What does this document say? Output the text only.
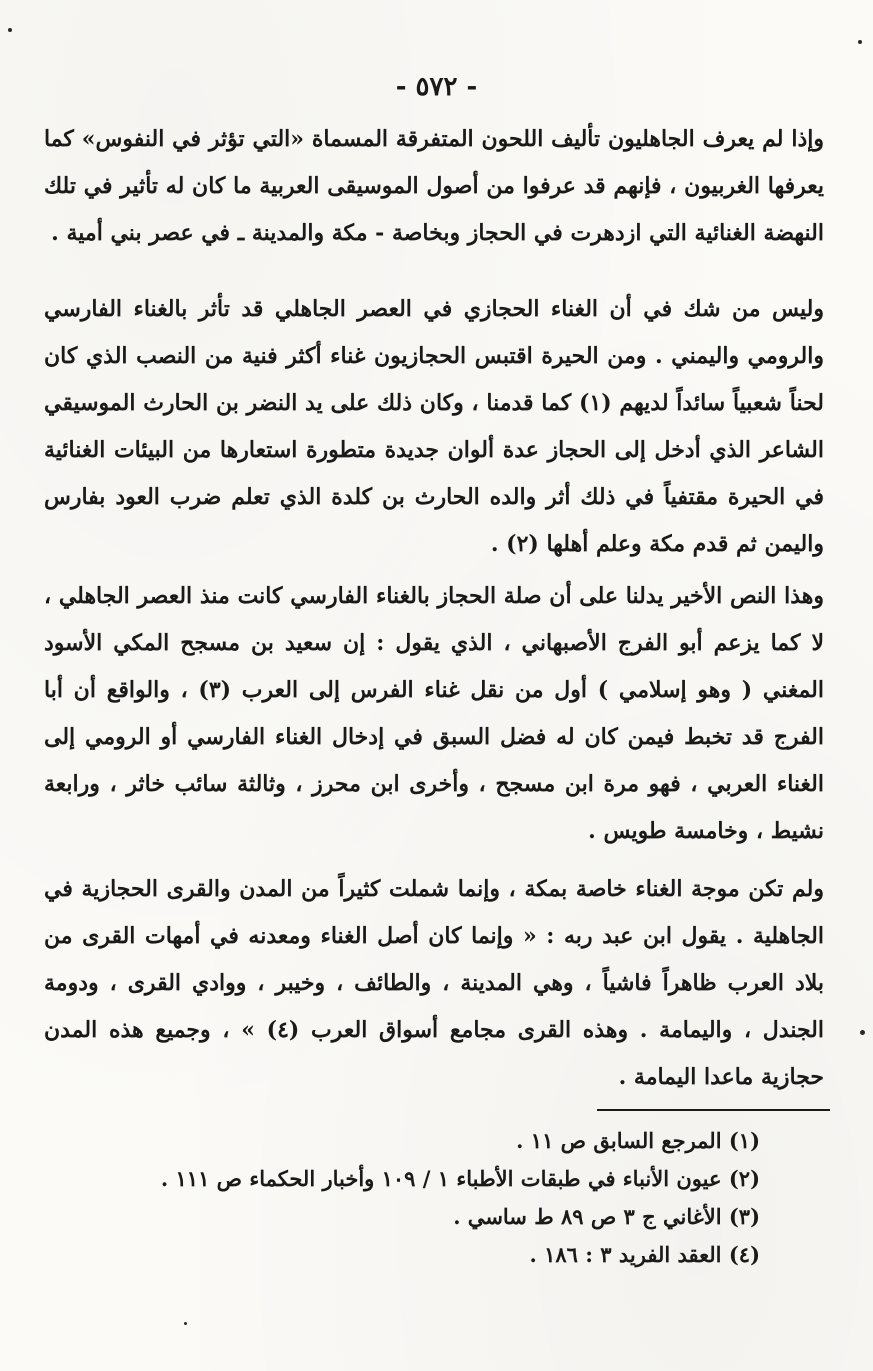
- ٥٧٢ -

وإذا لم يعرف الجاهليون تأليف اللحون المتفرقة المسماة «التي تؤثر في النفوس» كما يعرفها الغربيون ، فإنهم قد عرفوا من أصول الموسيقى العربية ما كان له تأثير في تلك النهضة الغنائية التي ازدهرت في الحجاز وبخاصة - مكة والمدينة ـ في عصر بني أمية .

وليس من شك في أن الغناء الحجازي في العصر الجاهلي قد تأثر بالغناء الفارسي والرومي واليمني . ومن الحيرة اقتبس الحجازيون غناء أكثر فنية من النصب الذي كان لحناً شعبياً سائداً لديهم (١) كما قدمنا ، وكان ذلك على يد النضر بن الحارث الموسيقي الشاعر الذي أدخل إلى الحجاز عدة ألوان جديدة متطورة استعارها من البيئات الغنائية في الحيرة مقتفياً في ذلك أثر والده الحارث بن كلدة الذي تعلم ضرب العود بفارس واليمن ثم قدم مكة وعلم أهلها (٢) .

وهذا النص الأخير يدلنا على أن صلة الحجاز بالغناء الفارسي كانت منذ العصر الجاهلي ، لا كما يزعم أبو الفرج الأصبهاني ، الذي يقول : إن سعيد بن مسجح المكي الأسود المغني ( وهو إسلامي ) أول من نقل غناء الفرس إلى العرب (٣) ، والواقع أن أبا الفرج قد تخبط فيمن كان له فضل السبق في إدخال الغناء الفارسي أو الرومي إلى الغناء العربي ، فهو مرة ابن مسجح ، وأخرى ابن محرز ، وثالثة سائب خاثر ، ورابعة نشيط ، وخامسة طويس .

ولم تكن موجة الغناء خاصة بمكة ، وإنما شملت كثيراً من المدن والقرى الحجازية في الجاهلية . يقول ابن عبد ربه : « وإنما كان أصل الغناء ومعدنه في أمهات القرى من بلاد العرب ظاهراً فاشياً ، وهي المدينة ، والطائف ، وخيبر ، ووادي القرى ، ودومة الجندل ، واليمامة . وهذه القرى مجامع أسواق العرب (٤) » ، وجميع هذه المدن حجازية ماعدا اليمامة .

(١) المرجع السابق ص ١١ .
(٢) عيون الأنباء في طبقات الأطباء ١ / ١٠٩ وأخبار الحكماء ص ١١١ .
(٣) الأغاني ج ٣ ص ٨٩ ط ساسي .
(٤) العقد الفريد ٣ : ١٨٦ .
